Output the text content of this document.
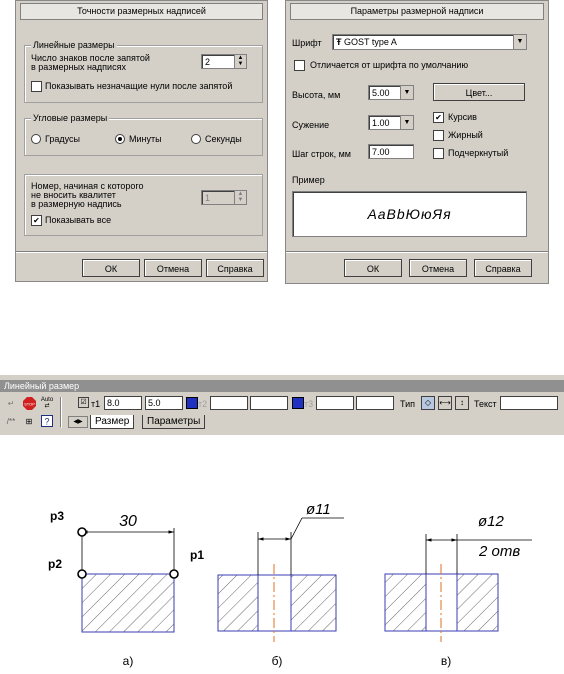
Точности размерных надписей
Линейные размеры
Число знаков после запятой
в размерных надписях	2	▲
▼
Показывать незначащие нули после запятой
Угловые размеры
Градусы	Минуты	Секунды
Номер, начиная с которого
не вносить квалитет
в размерную надпись
1	▲
▼
✔ Показывать все
ОК	Отмена	Справка
Параметры размерной надписи
Шрифт	Ŧ GOST type A	▼
Отличается от шрифта по умолчанию
Высота, мм	5.00	▼	Цвет...
Сужение	1.00	▼
✔ Курсив
Жирный
Шаг строк, мм	7.00	Подчеркнутый
Пример
АаВbЮюЯя
ОК	Отмена	Справка
Линейный размер
↵	STOP
Auto
⇄
/**	⊞	?
☑ т1 8.0	5.0	т2	т3	Тип	◇	⟷	↕	Текст
◀▶	Размер	Параметры
30
p3
p2
p1
а)
ø11
б)
ø12
2 отв
в)
